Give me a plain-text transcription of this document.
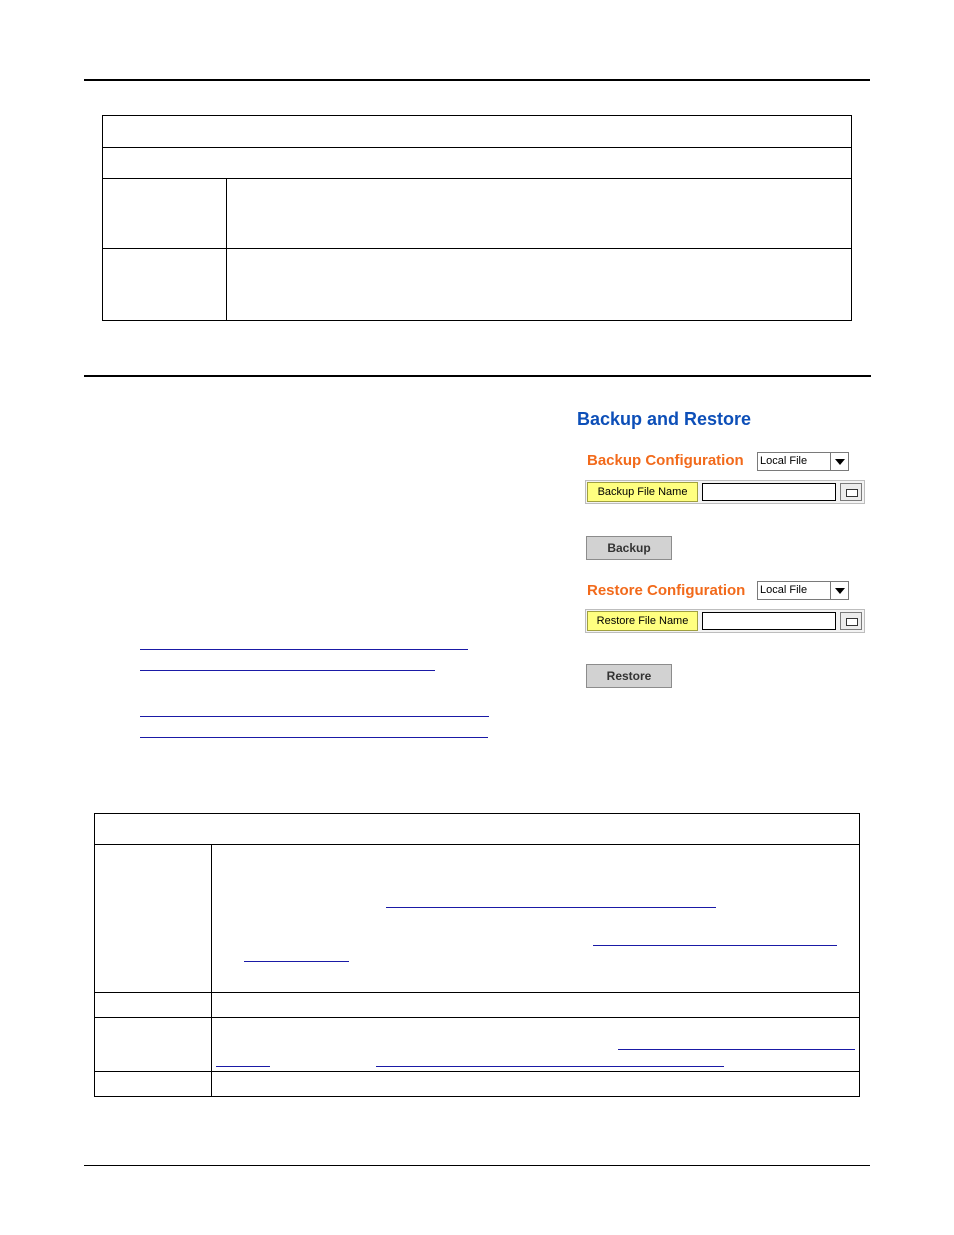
Backup and Restore
Backup Configuration Local File
Backup File Name
Backup
Restore Configuration Local File
Restore File Name
Restore
